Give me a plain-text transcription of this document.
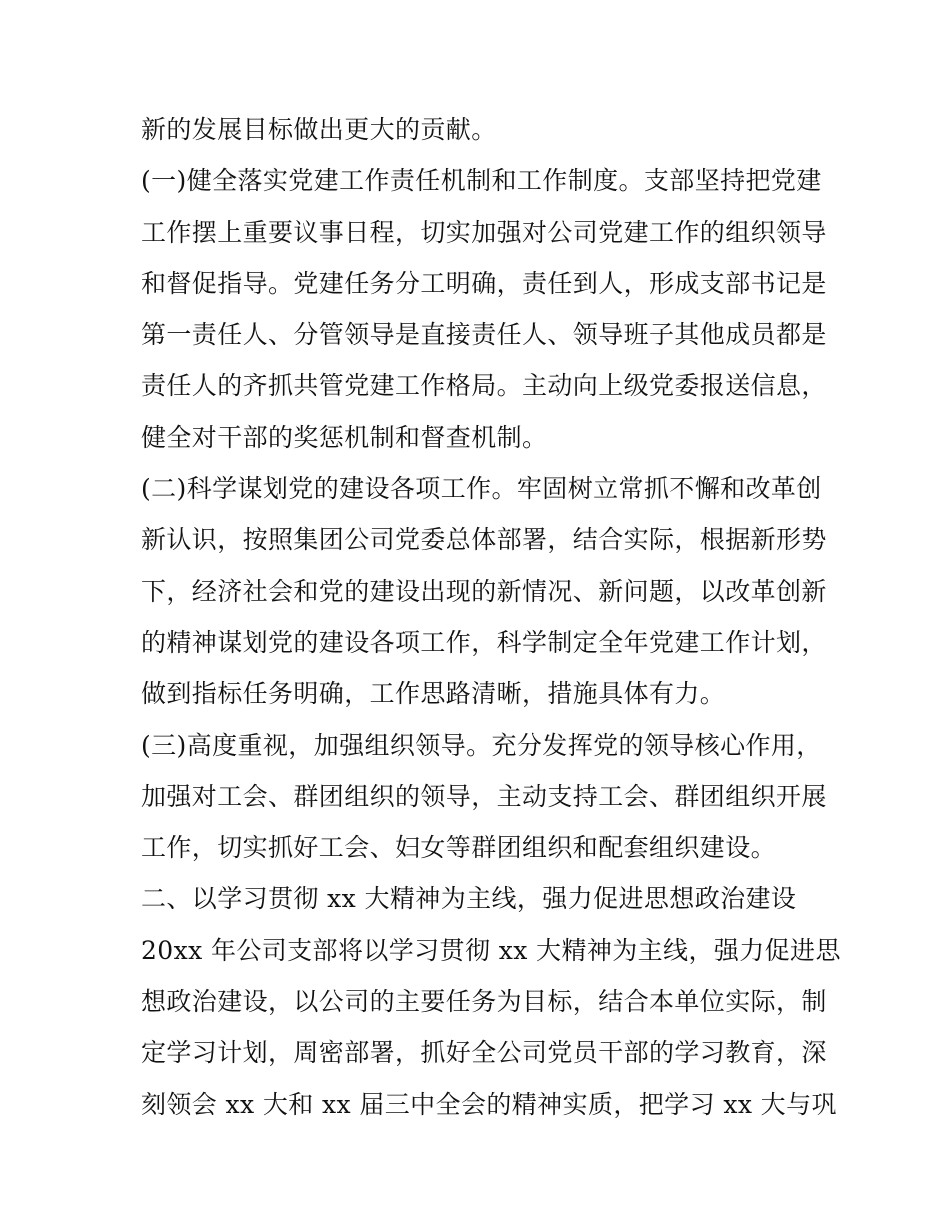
新的发展目标做出更大的贡献。
(一)健全落实党建工作责任机制和工作制度。支部坚持把党建
工作摆上重要议事日程，切实加强对公司党建工作的组织领导
和督促指导。党建任务分工明确，责任到人，形成支部书记是
第一责任人、分管领导是直接责任人、领导班子其他成员都是
责任人的齐抓共管党建工作格局。主动向上级党委报送信息，
健全对干部的奖惩机制和督查机制。
(二)科学谋划党的建设各项工作。牢固树立常抓不懈和改革创
新认识，按照集团公司党委总体部署，结合实际，根据新形势
下，经济社会和党的建设出现的新情况、新问题，以改革创新
的精神谋划党的建设各项工作，科学制定全年党建工作计划，
做到指标任务明确，工作思路清晰，措施具体有力。
(三)高度重视，加强组织领导。充分发挥党的领导核心作用，
加强对工会、群团组织的领导，主动支持工会、群团组织开展
工作，切实抓好工会、妇女等群团组织和配套组织建设。
二、以学习贯彻 xx 大精神为主线，强力促进思想政治建设
20xx 年公司支部将以学习贯彻 xx 大精神为主线，强力促进思
想政治建设，以公司的主要任务为目标，结合本单位实际，制
定学习计划，周密部署，抓好全公司党员干部的学习教育，深
刻领会 xx 大和 xx 届三中全会的精神实质，把学习 xx 大与巩
